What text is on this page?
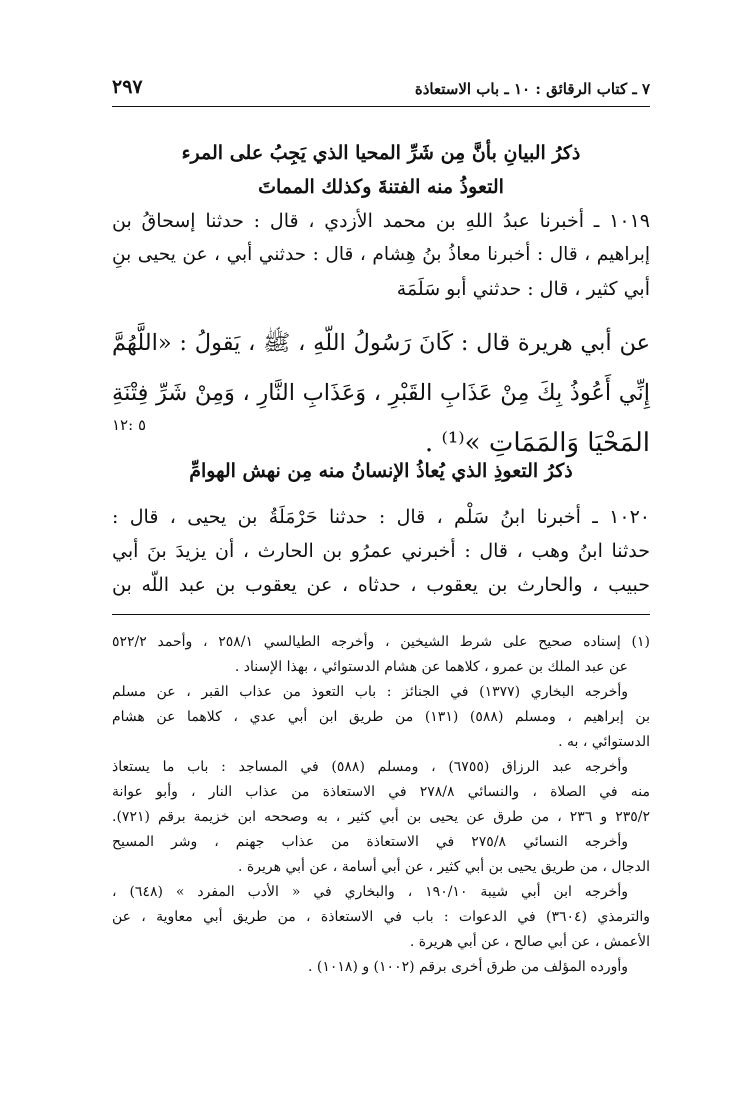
٧ ـ كتاب الرقائق : ١٠ ـ باب الاستعاذة
٢٩٧
ذكرُ البيانِ بأنَّ مِن شَرِّ المحيا الذي يَجِبُ على المرء
التعوذُ منه الفتنةَ وكذلك المماتَ
١٠١٩ ـ أخبرنا عبدُ اللهِ بن محمد الأزدي ، قال : حدثنا إسحاقُ بن
إبراهيم ، قال : أخبرنا معاذُ بنُ هِشام ، قال : حدثني أبي ، عن يحيى بنِ
أبي كثير ، قال : حدثني أبو سَلَمَة
عن أبي هريرة قال : كَانَ رَسُولُ اللّهِ ، ﷺ ، يَقولُ : «اللَّهُمَّ
إِنِّي أَعُوذُ بِكَ مِنْ عَذَابِ القَبْرِ ، وَعَذَابِ النَّارِ ، وَمِنْ شَرِّ فِتْنَةِ
المَحْيَا وَالمَمَاتِ »⁽¹⁾ .
٥ :١٢
ذكرُ التعوذِ الذي يُعاذُ الإنسانُ منه مِن نهش الهوامِّ
١٠٢٠ ـ أخبرنا ابنُ سَلْم ، قال : حدثنا حَرْمَلَةُ بن يحيى ، قال :
حدثنا ابنُ وهب ، قال : أخبرني عمرُو بن الحارث ، أن يزيدَ بنَ أبي
حبيب ، والحارث بن يعقوب ، حدثاه ، عن يعقوب بن عبد اللّه بن
(١) إسناده صحيح على شرط الشيخين ، وأخرجه الطيالسي ٢٥٨/١ ، وأحمد ٥٢٢/٢
عن عبد الملك بن عمرو ، كلاهما عن هشام الدستوائي ، بهذا الإسناد .
وأخرجه البخاري (١٣٧٧) في الجنائز : باب التعوذ من عذاب القبر ، عن مسلم
بن إبراهيم ، ومسلم (٥٨٨) (١٣١) من طريق ابن أبي عدي ، كلاهما عن هشام
الدستوائي ، به .
وأخرجه عبد الرزاق (٦٧٥٥) ، ومسلم (٥٨٨) في المساجد : باب ما يستعاذ
منه في الصلاة ، والنسائي ٢٧٨/٨ في الاستعاذة من عذاب النار ، وأبو عوانة
٢٣٥/٢ و ٢٣٦ ، من طرق عن يحيى بن أبي كثير ، به وصححه ابن خزيمة برقم (٧٢١).
وأخرجه النسائي ٢٧٥/٨ في الاستعاذة من عذاب جهنم ، وشر المسيح
الدجال ، من طريق يحيى بن أبي كثير ، عن أبي أسامة ، عن أبي هريرة .
وأخرجه ابن أبي شيبة ١٩٠/١٠ ، والبخاري في « الأدب المفرد » (٦٤٨) ،
والترمذي (٣٦٠٤) في الدعوات : باب في الاستعاذة ، من طريق أبي معاوية ، عن
الأعمش ، عن أبي صالح ، عن أبي هريرة .
وأورده المؤلف من طرق أخرى برقم (١٠٠٢) و (١٠١٨) .
